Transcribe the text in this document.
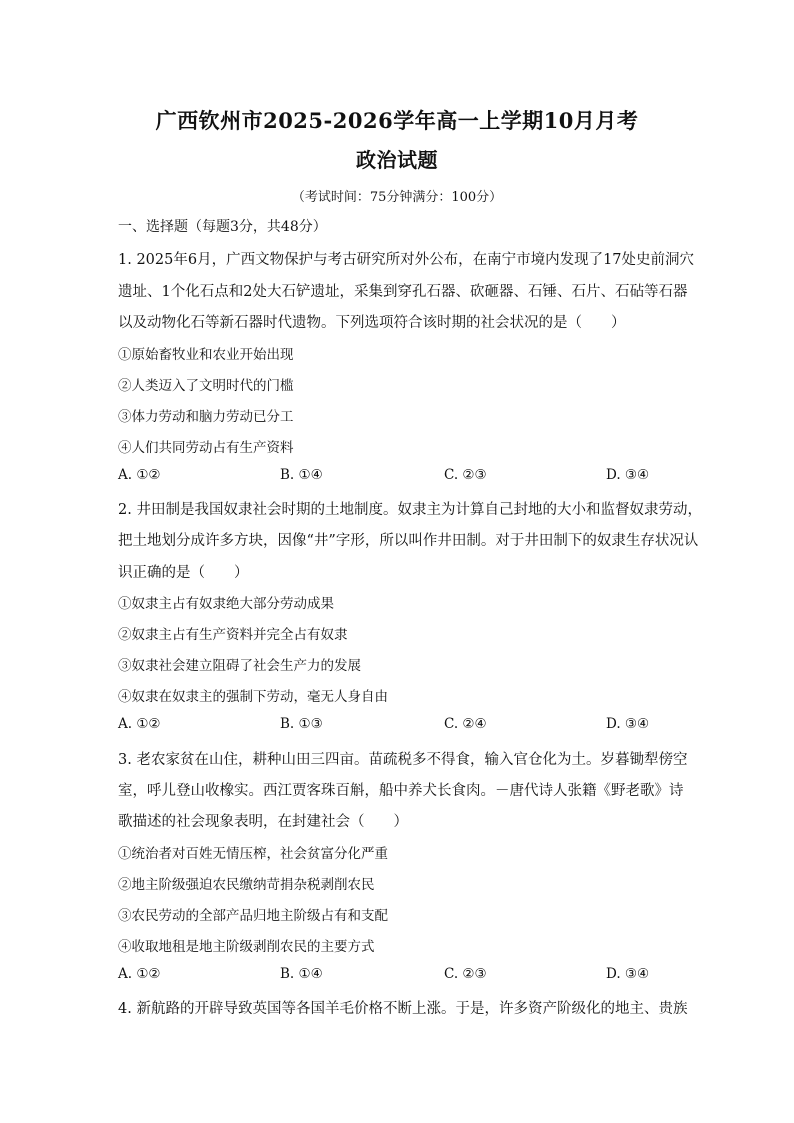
广西钦州市2025-2026学年高一上学期10月月考
政治试题
（考试时间：75分钟满分：100分）
一、选择题（每题3分，共48分）
1. 2025年6月，广西文物保护与考古研究所对外公布，在南宁市境内发现了17处史前洞穴
遗址、1个化石点和2处大石铲遗址，采集到穿孔石器、砍砸器、石锤、石片、石砧等石器
以及动物化石等新石器时代遗物。下列选项符合该时期的社会状况的是（　　）
①原始畜牧业和农业开始出现
②人类迈入了文明时代的门槛
③体力劳动和脑力劳动已分工
④人们共同劳动占有生产资料
A. ①②	B. ①④	C. ②③	D. ③④
2. 井田制是我国奴隶社会时期的土地制度。奴隶主为计算自己封地的大小和监督奴隶劳动，
把土地划分成许多方块，因像“井”字形，所以叫作井田制。对于井田制下的奴隶生存状况认
识正确的是（　　）
①奴隶主占有奴隶绝大部分劳动成果
②奴隶主占有生产资料并完全占有奴隶
③奴隶社会建立阻碍了社会生产力的发展
④奴隶在奴隶主的强制下劳动，毫无人身自由
A. ①②	B. ①③	C. ②④	D. ③④
3. 老农家贫在山住，耕种山田三四亩。苗疏税多不得食，输入官仓化为土。岁暮锄犁傍空
室，呼儿登山收橡实。西江贾客珠百斛，船中养犬长食肉。－唐代诗人张籍《野老歌》诗
歌描述的社会现象表明，在封建社会（　　）
①统治者对百姓无情压榨，社会贫富分化严重
②地主阶级强迫农民缴纳苛捐杂税剥削农民
③农民劳动的全部产品归地主阶级占有和支配
④收取地租是地主阶级剥削农民的主要方式
A. ①②	B. ①④	C. ②③	D. ③④
4. 新航路的开辟导致英国等各国羊毛价格不断上涨。于是，许多资产阶级化的地主、贵族
